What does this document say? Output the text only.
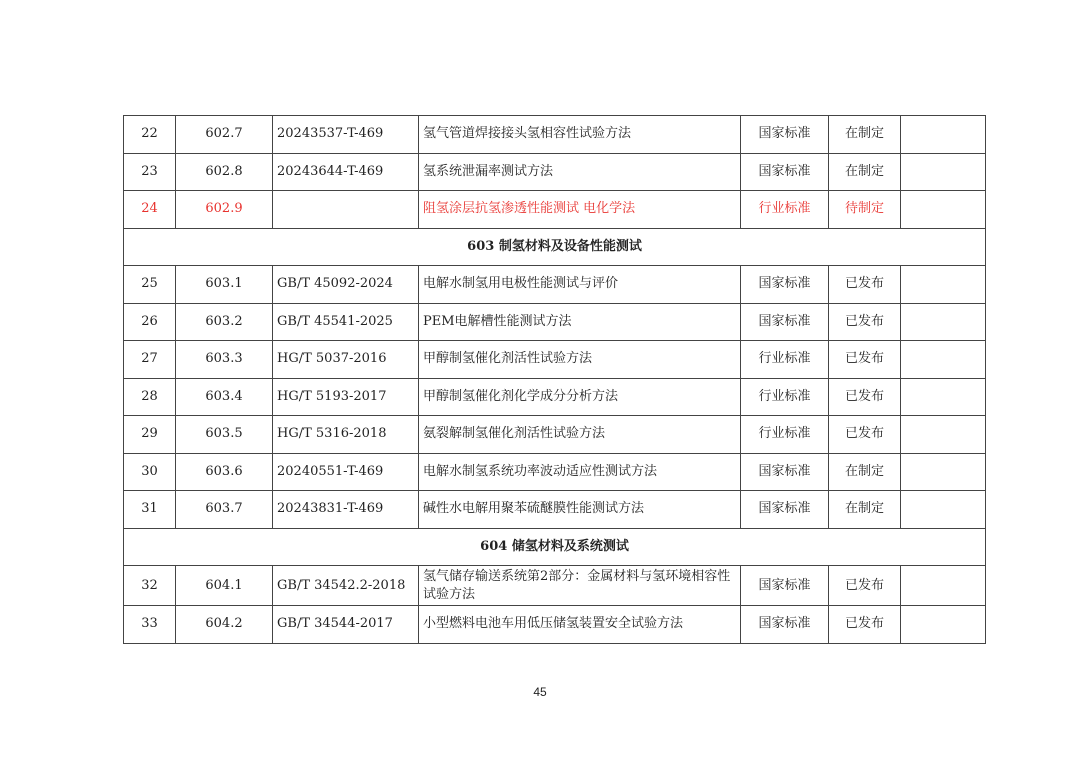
22	602.7	20243537-T-469	氢气管道焊接接头氢相容性试验方法	国家标准	在制定	
23	602.8	20243644-T-469	氢系统泄漏率测试方法	国家标准	在制定	
24	602.9		阻氢涂层抗氢渗透性能测试 电化学法	行业标准	待制定	
603 制氢材料及设备性能测试						
25	603.1	GB/T 45092-2024	电解水制氢用电极性能测试与评价	国家标准	已发布	
26	603.2	GB/T 45541-2025	PEM电解槽性能测试方法	国家标准	已发布	
27	603.3	HG/T 5037-2016	甲醇制氢催化剂活性试验方法	行业标准	已发布	
28	603.4	HG/T 5193-2017	甲醇制氢催化剂化学成分分析方法	行业标准	已发布	
29	603.5	HG/T 5316-2018	氨裂解制氢催化剂活性试验方法	行业标准	已发布	
30	603.6	20240551-T-469	电解水制氢系统功率波动适应性测试方法	国家标准	在制定	
31	603.7	20243831-T-469	碱性水电解用聚苯硫醚膜性能测试方法	国家标准	在制定	
604 储氢材料及系统测试						
32	604.1	GB/T 34542.2-2018	氢气储存输送系统第2部分：金属材料与氢环境相容性试验方法	国家标准	已发布	
33	604.2	GB/T 34544-2017	小型燃料电池车用低压储氢装置安全试验方法	国家标准	已发布	
45
